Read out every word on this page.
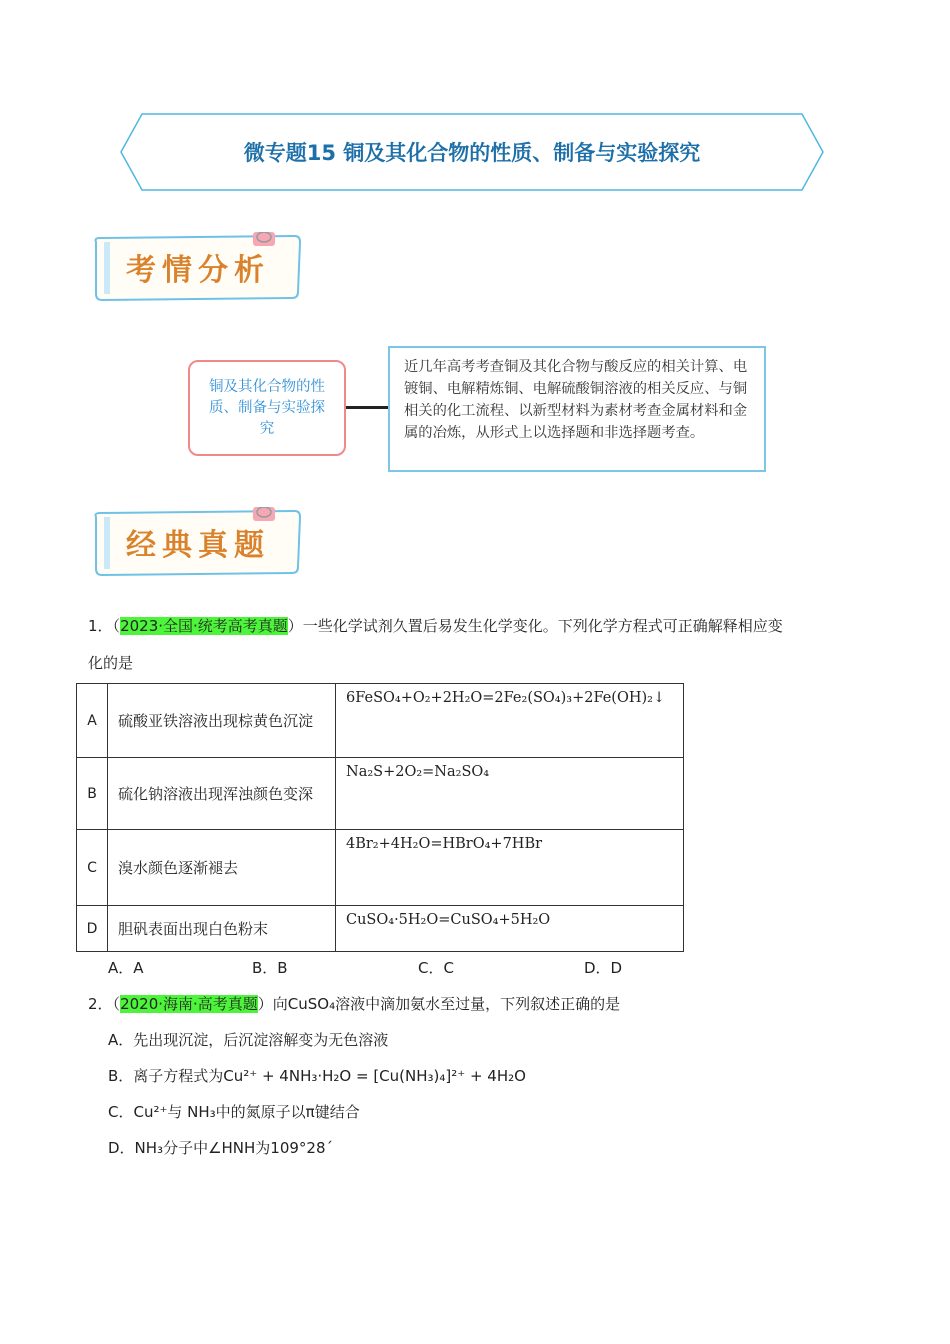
微专题15 铜及其化合物的性质、制备与实验探究
考情分析
铜及其化合物的性质、制备与实验探究
近几年高考考查铜及其化合物与酸反应的相关计算、电镀铜、电解精炼铜、电解硫酸铜溶液的相关反应、与铜相关的化工流程、以新型材料为素材考查金属材料和金属的冶炼，从形式上以选择题和非选择题考查。
经典真题
1．（2023·全国·统考高考真题）一些化学试剂久置后易发生化学变化。下列化学方程式可正确解释相应变
化的是
A	硫酸亚铁溶液出现棕黄色沉淀	6FeSO₄+O₂+2H₂O=2Fe₂(SO₄)₃+2Fe(OH)₂↓
B	硫化钠溶液出现浑浊颜色变深	Na₂S+2O₂=Na₂SO₄
C	溴水颜色逐渐褪去	4Br₂+4H₂O=HBrO₄+7HBr
D	胆矾表面出现白色粉末	CuSO₄·5H₂O=CuSO₄+5H₂O
A．A	B．B	C．C	D．D
2．（2020·海南·高考真题）向CuSO₄溶液中滴加氨水至过量，下列叙述正确的是
A．先出现沉淀，后沉淀溶解变为无色溶液
B．离子方程式为Cu²⁺ + 4NH₃·H₂O = [Cu(NH₃)₄]²⁺ + 4H₂O
C．Cu²⁺与 NH₃中的氮原子以π键结合
D．NH₃分子中∠HNH为109°28´
